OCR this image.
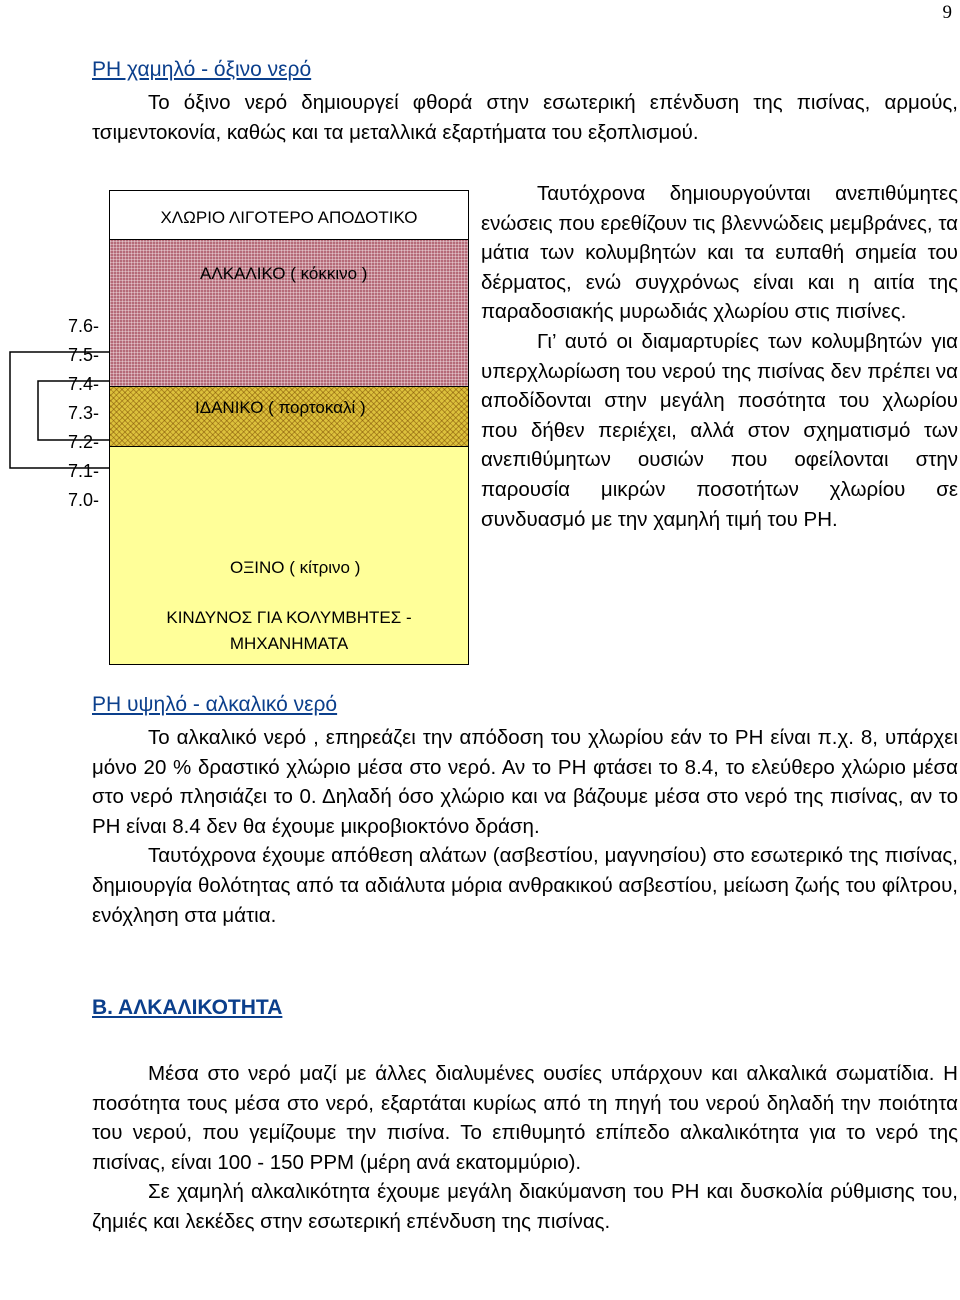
9
PH χαμηλό - όξινο νερό
Το όξινο νερό δημιουργεί φθορά στην εσωτερική επένδυση της πισίνας, αρμούς, τσιμεντοκονία, καθώς και τα μεταλλικά εξαρτήματα του εξοπλισμού.
7.6-
7.5-
7.4-
7.3-
7.2-
7.1-
7.0-
ΧΛΩΡΙΟ ΛΙΓΟΤΕΡΟ ΑΠΟΔΟΤΙΚΟ
ΑΛΚΑΛΙΚΟ ( κόκκινο )
ΙΔΑΝΙΚΟ ( πορτοκαλί )
ΟΞΙΝΟ ( κίτρινο )
ΚΙΝΔΥΝΟΣ ΓΙΑ ΚΟΛΥΜΒΗΤΕΣ -
ΜΗΧΑΝΗΜΑΤΑ
Ταυτόχρονα δημιουργούνται ανεπιθύμητες ενώσεις που ερεθίζουν τις βλεννώδεις μεμβράνες, τα μάτια των κολυμβητών και τα ευπαθή σημεία του δέρματος, ενώ συγχρόνως είναι και η αιτία της παραδοσιακής μυρωδιάς χλωρίου στις πισίνες.
Γι’ αυτό οι διαμαρτυρίες των κολυμβητών για υπερχλωρίωση του νερού της πισίνας δεν πρέπει να αποδίδονται στην μεγάλη ποσότητα του χλωρίου που δήθεν περιέχει, αλλά στον σχηματισμό των ανεπιθύμητων ουσιών που οφείλονται στην παρουσία μικρών ποσοτήτων χλωρίου σε συνδυασμό με την χαμηλή τιμή του PH.
PH υψηλό - αλκαλικό νερό
Το αλκαλικό νερό , επηρεάζει την απόδοση του χλωρίου εάν το PH είναι π.χ. 8, υπάρχει μόνο 20 % δραστικό χλώριο μέσα στο νερό. Αν το PH φτάσει το 8.4, το ελεύθερο χλώριο μέσα στο νερό πλησιάζει το 0. Δηλαδή όσο χλώριο και να βάζουμε μέσα στο νερό της πισίνας, αν το PH είναι 8.4 δεν θα έχουμε μικροβιοκτόνο δράση.
Ταυτόχρονα έχουμε απόθεση αλάτων (ασβεστίου, μαγνησίου) στο εσωτερικό της πισίνας, δημιουργία θολότητας από τα αδιάλυτα μόρια ανθρακικού ασβεστίου, μείωση ζωής του φίλτρου, ενόχληση στα μάτια.
Β. ΑΛΚΑΛΙΚΟΤΗΤΑ
Μέσα στο νερό μαζί με άλλες διαλυμένες ουσίες υπάρχουν και αλκαλικά σωματίδια. Η ποσότητα τους μέσα στο νερό, εξαρτάται κυρίως από τη πηγή του νερού δηλαδή την ποιότητα του νερού, που γεμίζουμε την πισίνα. Το επιθυμητό επίπεδο αλκαλικότητα για το νερό της πισίνας, είναι 100 - 150 PPM (μέρη ανά εκατομμύριο).
Σε χαμηλή αλκαλικότητα έχουμε μεγάλη διακύμανση του PH και δυσκολία ρύθμισης του, ζημιές και λεκέδες στην εσωτερική επένδυση της πισίνας.
